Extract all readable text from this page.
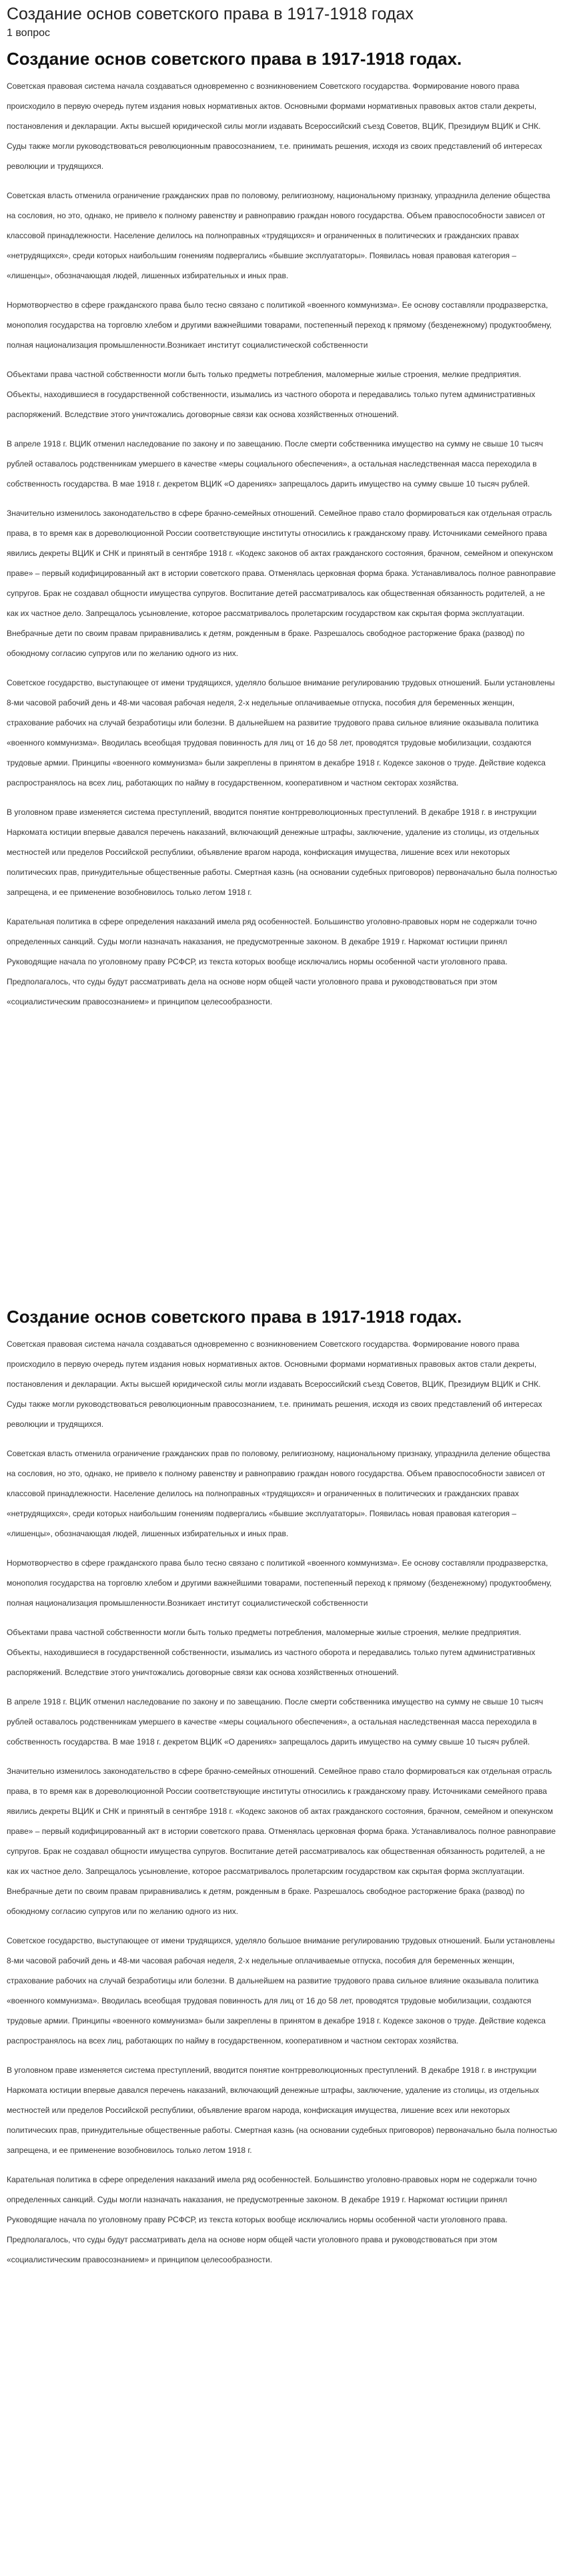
Создание основ советского права в 1917-1918 годах
1 вопрос
Создание основ советского права в 1917-1918 годах.

Советская правовая система начала создаваться одновременно с возникновением Советского государства. Формирование нового права происходило в первую очередь путем издания новых нормативных актов. Основными формами нормативных правовых актов стали декреты, постановления и декларации. Акты высшей юридической силы могли издавать Всероссийский съезд Советов, ВЦИК, Президиум ВЦИК и СНК. Суды также могли руководствоваться революционным правосознанием, т.е. принимать решения, исходя из своих представлений об интересах революции и трудящихся.

Советская власть отменила ограничение гражданских прав по половому, религиозному, национальному признаку, упразднила деление общества на сословия, но это, однако, не привело к полному равенству и равноправию граждан нового государства. Объем правоспособности зависел от классовой принадлежности. Население делилось на полноправных «трудящихся» и ограниченных в политических и гражданских правах «нетрудящихся», среди которых наибольшим гонениям подвергались «бывшие эксплуататоры». Появилась новая правовая категория – «лишенцы», обозначающая людей, лишенных избирательных и иных прав.

Нормотворчество в сфере гражданского права было тесно связано с политикой «военного коммунизма». Ее основу составляли продразверстка, монополия государства на торговлю хлебом и другими важнейшими товарами, постепенный переход к прямому (безденежному) продуктообмену, полная национализация промышленности.Возникает институт социалистической собственности

Объектами права частной собственности могли быть только предметы потребления, маломерные жилые строения, мелкие предприятия. Объекты, находившиеся в государственной собственности, изымались из частного оборота и передавались только путем административных распоряжений. Вследствие этого уничтожались договорные связи как основа хозяйственных отношений.

В апреле 1918 г. ВЦИК отменил наследование по закону и по завещанию. После смерти собственника имущество на сумму не свыше 10 тысяч рублей оставалось родственникам умершего в качестве «меры социального обеспечения», а остальная наследственная масса переходила в собственность государства. В мае 1918 г. декретом ВЦИК «О дарениях» запрещалось дарить имущество на сумму свыше 10 тысяч рублей.

Значительно изменилось законодательство в сфере брачно-семейных отношений. Семейное право стало формироваться как отдельная отрасль права, в то время как в дореволюционной России соответствующие институты относились к гражданскому праву. Источниками семейного права явились декреты ВЦИК и СНК и принятый в сентябре 1918 г. «Кодекс законов об актах гражданского состояния, брачном, семейном и опекунском праве» – первый кодифицированный акт в истории советского права. Отменялась церковная форма брака. Устанавливалось полное равноправие супругов. Брак не создавал общности имущества супругов. Воспитание детей рассматривалось как общественная обязанность родителей, а не как их частное дело. Запрещалось усыновление, которое рассматривалось пролетарским государством как скрытая форма эксплуатации. Внебрачные дети по своим правам приравнивались к детям, рожденным в браке. Разрешалось свободное расторжение брака (развод) по обоюдному согласию супругов или по желанию одного из них.

Советское государство, выступающее от имени трудящихся, уделяло большое внимание регулированию трудовых отношений. Были установлены 8-ми часовой рабочий день и 48-ми часовая рабочая неделя, 2-х недельные оплачиваемые отпуска, пособия для беременных женщин, страхование рабочих на случай безработицы или болезни. В дальнейшем на развитие трудового права сильное влияние оказывала политика «военного коммунизма». Вводилась всеобщая трудовая повинность для лиц от 16 до 58 лет, проводятся трудовые мобилизации, создаются трудовые армии. Принципы «военного коммунизма» были закреплены в принятом в декабре 1918 г. Кодексе законов о труде. Действие кодекса распространялось на всех лиц, работающих по найму в государственном, кооперативном и частном секторах хозяйства.

В уголовном праве изменяется система преступлений, вводится понятие контрреволюционных преступлений. В декабре 1918 г. в инструкции Наркомата юстиции впервые давался перечень наказаний, включающий денежные штрафы, заключение, удаление из столицы, из отдельных местностей или пределов Российской республики, объявление врагом народа, конфискация имущества, лишение всех или некоторых политических прав, принудительные общественные работы. Смертная казнь (на основании судебных приговоров) первоначально была полностью запрещена, и ее применение возобновилось только летом 1918 г.

Карательная политика в сфере определения наказаний имела ряд особенностей. Большинство уголовно-правовых норм не содержали точно определенных санкций. Суды могли назначать наказания, не предусмотренные законом. В декабре 1919 г. Наркомат юстиции принял Руководящие начала по уголовному праву РСФСР, из текста которых вообще исключались нормы особенной части уголовного права. Предполагалось, что суды будут рассматривать дела на основе норм общей части уголовного права и руководствоваться при этом «социалистическим правосознанием» и принципом целесообразности.

Создание основ советского права в 1917-1918 годах.

Советская правовая система начала создаваться одновременно с возникновением Советского государства. Формирование нового права происходило в первую очередь путем издания новых нормативных актов. Основными формами нормативных правовых актов стали декреты, постановления и декларации. Акты высшей юридической силы могли издавать Всероссийский съезд Советов, ВЦИК, Президиум ВЦИК и СНК. Суды также могли руководствоваться революционным правосознанием, т.е. принимать решения, исходя из своих представлений об интересах революции и трудящихся.

Советская власть отменила ограничение гражданских прав по половому, религиозному, национальному признаку, упразднила деление общества на сословия, но это, однако, не привело к полному равенству и равноправию граждан нового государства. Объем правоспособности зависел от классовой принадлежности. Население делилось на полноправных «трудящихся» и ограниченных в политических и гражданских правах «нетрудящихся», среди которых наибольшим гонениям подвергались «бывшие эксплуататоры». Появилась новая правовая категория – «лишенцы», обозначающая людей, лишенных избирательных и иных прав.

Нормотворчество в сфере гражданского права было тесно связано с политикой «военного коммунизма». Ее основу составляли продразверстка, монополия государства на торговлю хлебом и другими важнейшими товарами, постепенный переход к прямому (безденежному) продуктообмену, полная национализация промышленности.Возникает институт социалистической собственности

Объектами права частной собственности могли быть только предметы потребления, маломерные жилые строения, мелкие предприятия. Объекты, находившиеся в государственной собственности, изымались из частного оборота и передавались только путем административных распоряжений. Вследствие этого уничтожались договорные связи как основа хозяйственных отношений.

В апреле 1918 г. ВЦИК отменил наследование по закону и по завещанию. После смерти собственника имущество на сумму не свыше 10 тысяч рублей оставалось родственникам умершего в качестве «меры социального обеспечения», а остальная наследственная масса переходила в собственность государства. В мае 1918 г. декретом ВЦИК «О дарениях» запрещалось дарить имущество на сумму свыше 10 тысяч рублей.

Значительно изменилось законодательство в сфере брачно-семейных отношений. Семейное право стало формироваться как отдельная отрасль права, в то время как в дореволюционной России соответствующие институты относились к гражданскому праву. Источниками семейного права явились декреты ВЦИК и СНК и принятый в сентябре 1918 г. «Кодекс законов об актах гражданского состояния, брачном, семейном и опекунском праве» – первый кодифицированный акт в истории советского права. Отменялась церковная форма брака. Устанавливалось полное равноправие супругов. Брак не создавал общности имущества супругов. Воспитание детей рассматривалось как общественная обязанность родителей, а не как их частное дело. Запрещалось усыновление, которое рассматривалось пролетарским государством как скрытая форма эксплуатации. Внебрачные дети по своим правам приравнивались к детям, рожденным в браке. Разрешалось свободное расторжение брака (развод) по обоюдному согласию супругов или по желанию одного из них.

Советское государство, выступающее от имени трудящихся, уделяло большое внимание регулированию трудовых отношений. Были установлены 8-ми часовой рабочий день и 48-ми часовая рабочая неделя, 2-х недельные оплачиваемые отпуска, пособия для беременных женщин, страхование рабочих на случай безработицы или болезни. В дальнейшем на развитие трудового права сильное влияние оказывала политика «военного коммунизма». Вводилась всеобщая трудовая повинность для лиц от 16 до 58 лет, проводятся трудовые мобилизации, создаются трудовые армии. Принципы «военного коммунизма» были закреплены в принятом в декабре 1918 г. Кодексе законов о труде. Действие кодекса распространялось на всех лиц, работающих по найму в государственном, кооперативном и частном секторах хозяйства.

В уголовном праве изменяется система преступлений, вводится понятие контрреволюционных преступлений. В декабре 1918 г. в инструкции Наркомата юстиции впервые давался перечень наказаний, включающий денежные штрафы, заключение, удаление из столицы, из отдельных местностей или пределов Российской республики, объявление врагом народа, конфискация имущества, лишение всех или некоторых политических прав, принудительные общественные работы. Смертная казнь (на основании судебных приговоров) первоначально была полностью запрещена, и ее применение возобновилось только летом 1918 г.

Карательная политика в сфере определения наказаний имела ряд особенностей. Большинство уголовно-правовых норм не содержали точно определенных санкций. Суды могли назначать наказания, не предусмотренные законом. В декабре 1919 г. Наркомат юстиции принял Руководящие начала по уголовному праву РСФСР, из текста которых вообще исключались нормы особенной части уголовного права. Предполагалось, что суды будут рассматривать дела на основе норм общей части уголовного права и руководствоваться при этом «социалистическим правосознанием» и принципом целесообразности.
